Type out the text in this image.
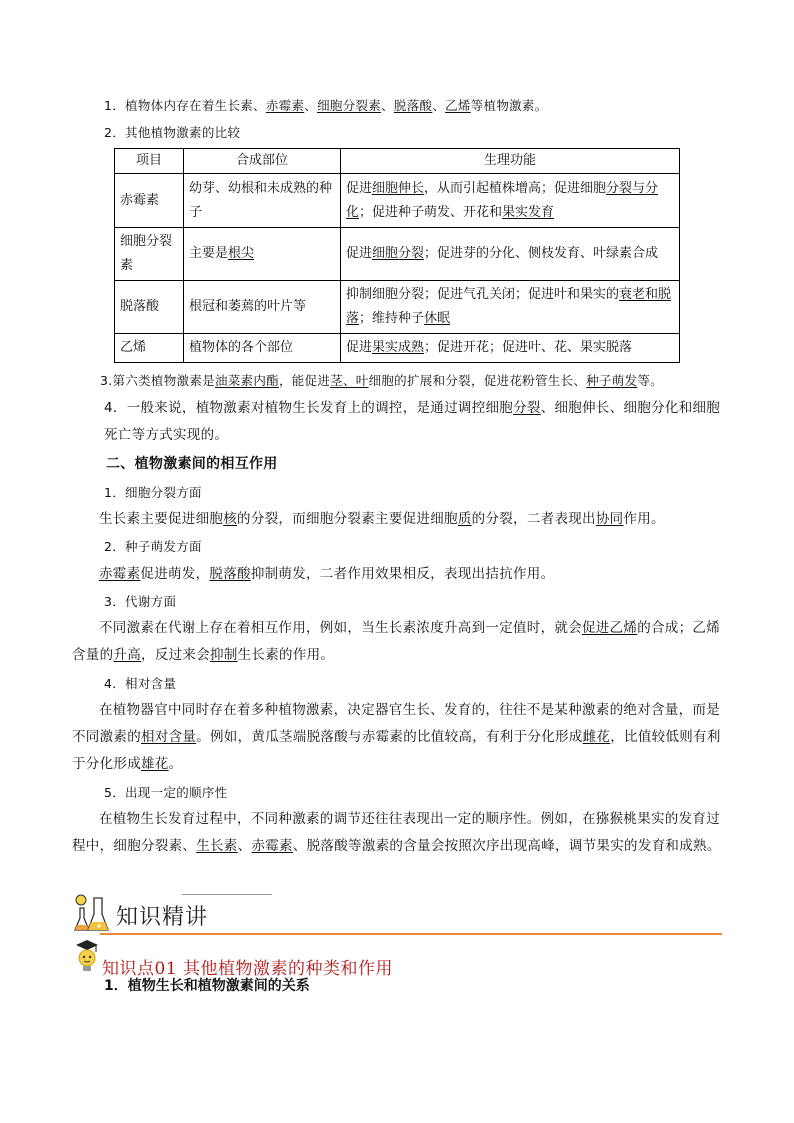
1．植物体内存在着生长素、赤霉素、细胞分裂素、脱落酸、乙烯等植物激素。
2．其他植物激素的比较
项目	合成部位	生理功能
赤霉素	幼芽、幼根和未成熟的种子	促进细胞伸长，从而引起植株增高；促进细胞分裂与分化；促进种子萌发、开花和果实发育
细胞分裂素	主要是根尖	促进细胞分裂；促进芽的分化、侧枝发育、叶绿素合成
脱落酸	根冠和萎蔫的叶片等	抑制细胞分裂；促进气孔关闭；促进叶和果实的衰老和脱落；维持种子休眠
乙烯	植物体的各个部位	促进果实成熟；促进开花；促进叶、花、果实脱落
3.第六类植物激素是油菜素内酯，能促进茎、叶细胞的扩展和分裂，促进花粉管生长、种子萌发等。
4．一般来说，植物激素对植物生长发育上的调控，是通过调控细胞分裂、细胞伸长、细胞分化和细胞死亡等方式实现的。
二、植物激素间的相互作用
1．细胞分裂方面
生长素主要促进细胞核的分裂，而细胞分裂素主要促进细胞质的分裂，二者表现出协同作用。
2．种子萌发方面
赤霉素促进萌发，脱落酸抑制萌发，二者作用效果相反，表现出拮抗作用。
3．代谢方面
不同激素在代谢上存在着相互作用，例如，当生长素浓度升高到一定值时，就会促进乙烯的合成；乙烯含量的升高，反过来会抑制生长素的作用。
4．相对含量
在植物器官中同时存在着多种植物激素，决定器官生长、发育的，往往不是某种激素的绝对含量，而是不同激素的相对含量。例如，黄瓜茎端脱落酸与赤霉素的比值较高，有利于分化形成雌花，比值较低则有利于分化形成雄花。
5．出现一定的顺序性
在植物生长发育过程中，不同种激素的调节还往往表现出一定的顺序性。例如，在猕猴桃果实的发育过程中，细胞分裂素、生长素、赤霉素、脱落酸等激素的含量会按照次序出现高峰，调节果实的发育和成熟。
知识精讲
知识点01 其他植物激素的种类和作用
1．植物生长和植物激素间的关系
